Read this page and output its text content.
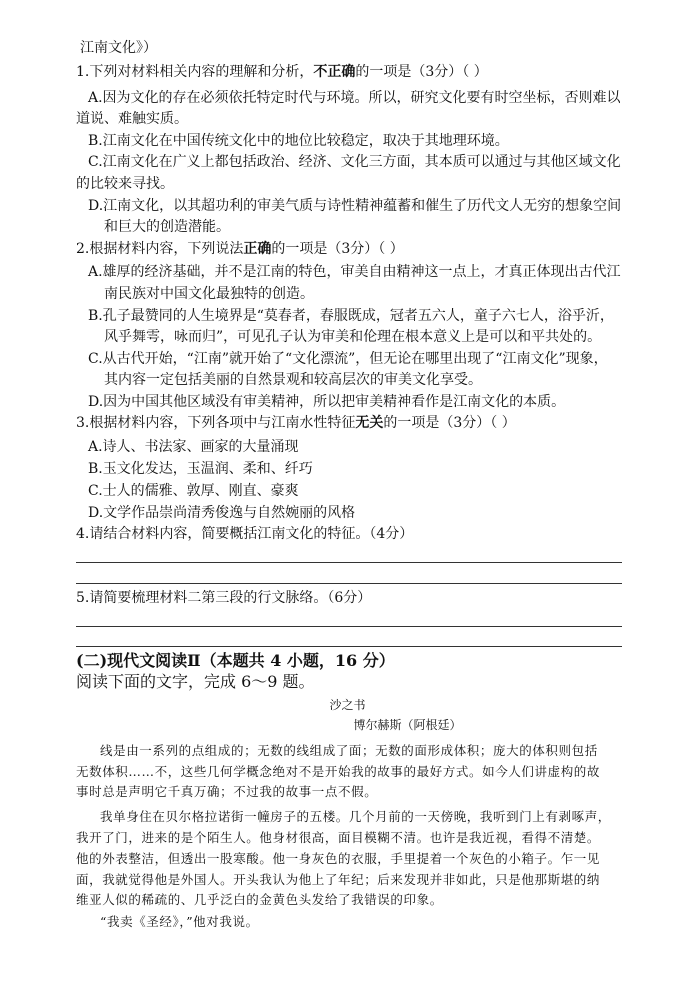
江南文化》）
1.下列对材料相关内容的理解和分析，不正确的一项是（3分）（ ）
A.因为文化的存在必须依托特定时代与环境。所以，研究文化要有时空坐标，否则难以
道说、难触实质。
B.江南文化在中国传统文化中的地位比较稳定，取决于其地理环境。
C.江南文化在广义上都包括政治、经济、文化三方面，其本质可以通过与其他区域文化
的比较来寻找。
D.江南文化，以其超功利的审美气质与诗性精神蕴蓄和催生了历代文人无穷的想象空间
和巨大的创造潜能。
2.根据材料内容，下列说法正确的一项是（3分）（ ）
A.雄厚的经济基础，并不是江南的特色，审美自由精神这一点上，才真正体现出古代江
南民族对中国文化最独特的创造。
B.孔子最赞同的人生境界是“莫春者，春服既成，冠者五六人，童子六七人，浴乎沂，
风乎舞雩，咏而归”，可见孔子认为审美和伦理在根本意义上是可以和平共处的。
C.从古代开始，“江南”就开始了“文化漂流”，但无论在哪里出现了“江南文化”现象，
其内容一定包括美丽的自然景观和较高层次的审美文化享受。
D.因为中国其他区域没有审美精神，所以把审美精神看作是江南文化的本质。
3.根据材料内容，下列各项中与江南水性特征无关的一项是（3分）（ ）
A.诗人、书法家、画家的大量涌现
B.玉文化发达，玉温润、柔和、纤巧
C.士人的儒雅、敦厚、刚直、豪爽
D.文学作品崇尚清秀俊逸与自然婉丽的风格
4.请结合材料内容，简要概括江南文化的特征。（4分）
5.请简要梳理材料二第三段的行文脉络。（6分）
(二)现代文阅读Ⅱ（本题共 4 小题，16 分）
阅读下面的文字，完成 6～9 题。
沙之书
博尔赫斯（阿根廷）
线是由一系列的点组成的；无数的线组成了面；无数的面形成体积；庞大的体积则包括
无数体积……不，这些几何学概念绝对不是开始我的故事的最好方式。如今人们讲虚构的故
事时总是声明它千真万确；不过我的故事一点不假。
我单身住在贝尔格拉诺街一幢房子的五楼。几个月前的一天傍晚，我听到门上有剥啄声，
我开了门，进来的是个陌生人。他身材很高，面目模糊不清。也许是我近视，看得不清楚。
他的外表整洁，但透出一股寒酸。他一身灰色的衣服，手里提着一个灰色的小箱子。乍一见
面，我就觉得他是外国人。开头我认为他上了年纪；后来发现并非如此，只是他那斯堪的纳
维亚人似的稀疏的、几乎泛白的金黄色头发给了我错误的印象。
“我卖《圣经》，”他对我说。
